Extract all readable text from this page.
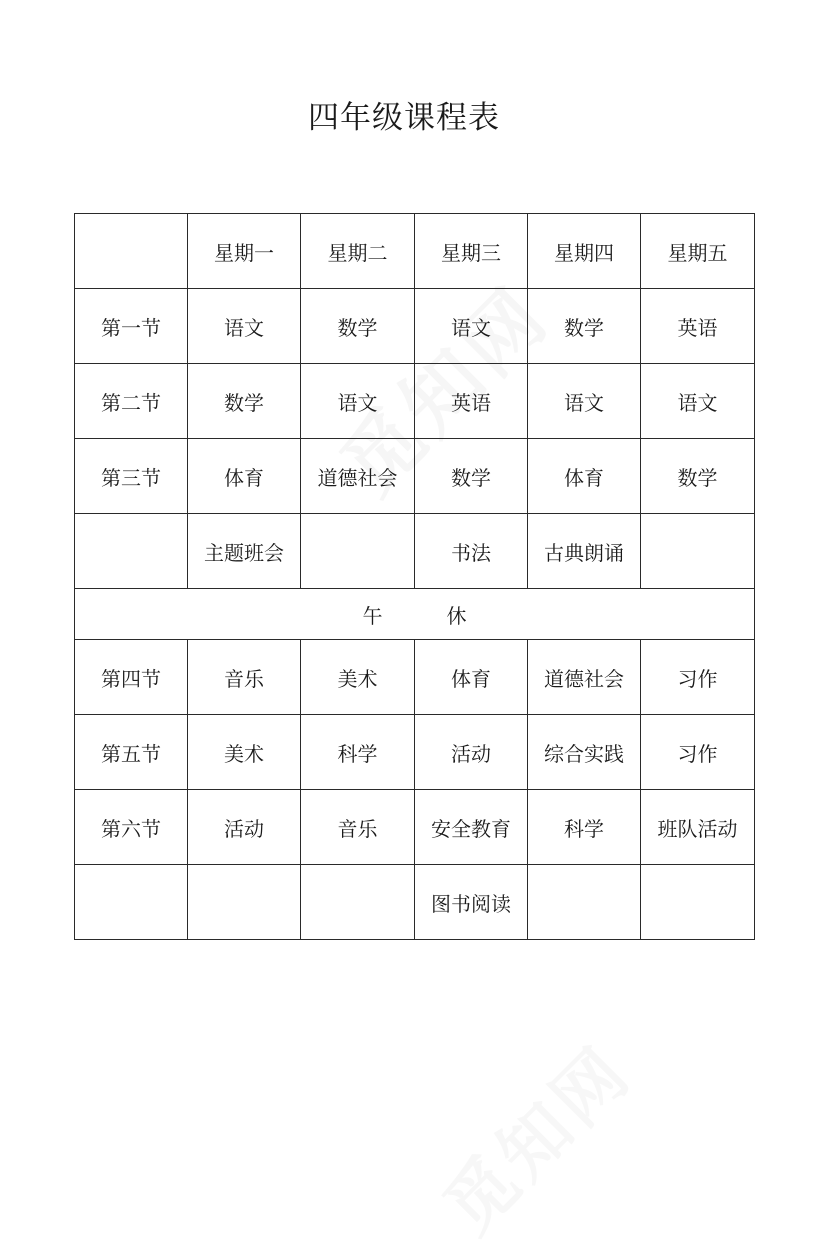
四年级课程表
	星期一	星期二	星期三	星期四	星期五
第一节	语文	数学	语文	数学	英语
第二节	数学	语文	英语	语文	语文
第三节	体育	道德社会	数学	体育	数学
	主题班会		书法	古典朗诵	
午 休					
第四节	音乐	美术	体育	道德社会	习作
第五节	美术	科学	活动	综合实践	习作
第六节	活动	音乐	安全教育	科学	班队活动
			图书阅读		
